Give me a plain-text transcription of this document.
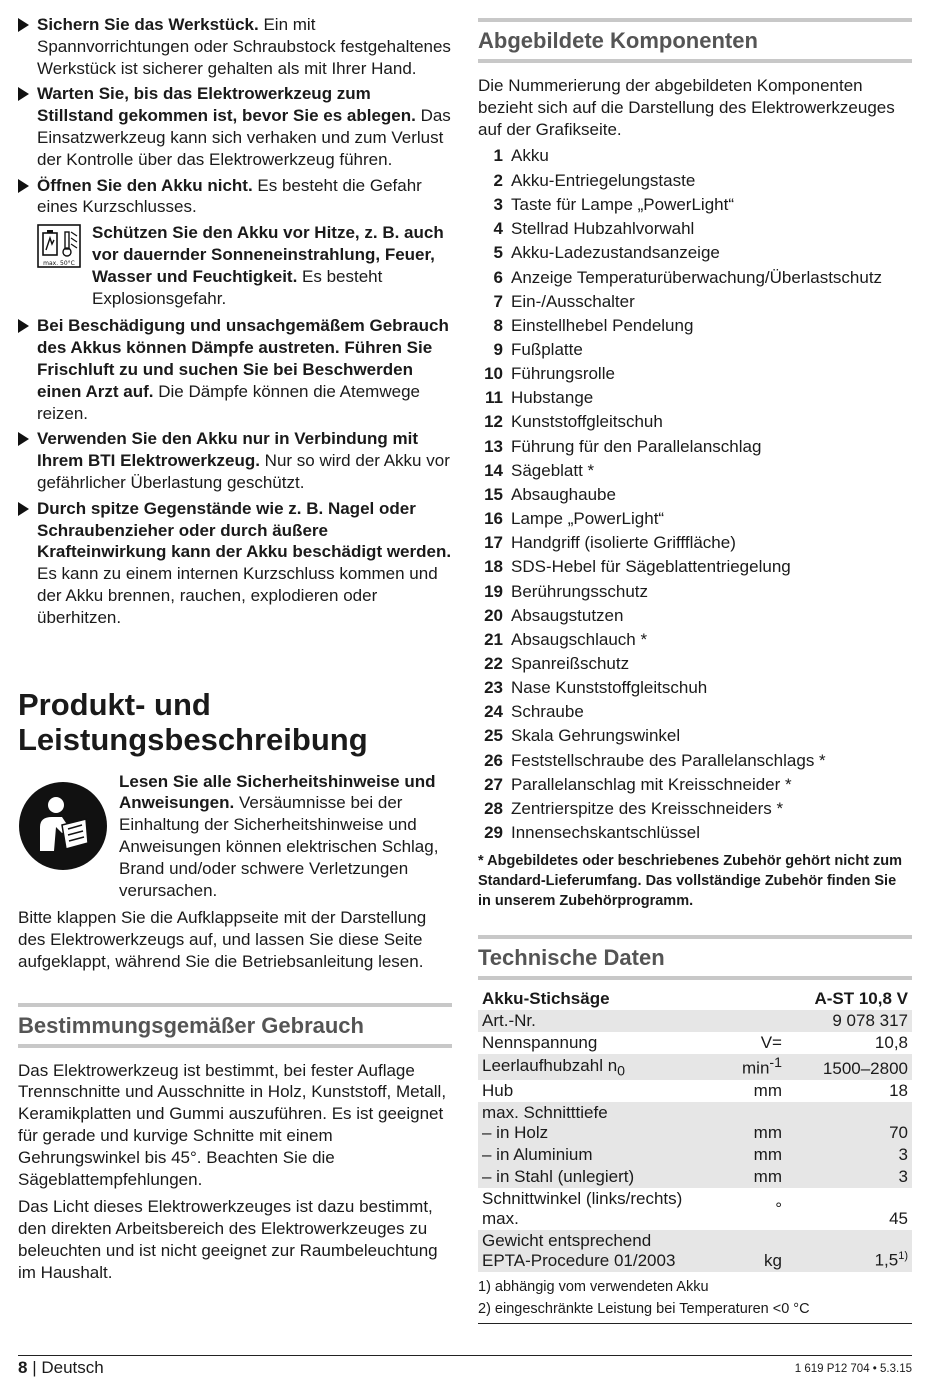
Sichern Sie das Werkstück. Ein mit Spannvorrichtungen oder Schraubstock festgehaltenes Werkstück ist sicherer gehalten als mit Ihrer Hand.
Warten Sie, bis das Elektrowerkzeug zum Stillstand gekommen ist, bevor Sie es ablegen. Das Einsatzwerkzeug kann sich verhaken und zum Verlust der Kontrolle über das Elektrowerkzeug führen.
Öffnen Sie den Akku nicht. Es besteht die Gefahr eines Kurzschlusses.
max. 50°C
Schützen Sie den Akku vor Hitze, z. B. auch vor dauernder Sonneneinstrahlung, Feuer, Wasser und Feuchtigkeit. Es besteht Explosionsgefahr.
Bei Beschädigung und unsachgemäßem Gebrauch des Akkus können Dämpfe austreten. Führen Sie Frischluft zu und suchen Sie bei Beschwerden einen Arzt auf. Die Dämpfe können die Atemwege reizen.
Verwenden Sie den Akku nur in Verbindung mit Ihrem BTI Elektrowerkzeug. Nur so wird der Akku vor gefährlicher Überlastung geschützt.
Durch spitze Gegenstände wie z. B. Nagel oder Schraubenzieher oder durch äußere Krafteinwirkung kann der Akku beschädigt werden. Es kann zu einem internen Kurzschluss kommen und der Akku brennen, rauchen, explodieren oder überhitzen.
Produkt- und Leistungsbeschreibung
Lesen Sie alle Sicherheitshinweise und Anweisungen. Versäumnisse bei der Einhaltung der Sicherheitshinweise und Anweisungen können elektrischen Schlag, Brand und/oder schwere Verletzungen verursachen.

Bitte klappen Sie die Aufklappseite mit der Darstellung des Elektrowerkzeugs auf, und lassen Sie diese Seite aufgeklappt, während Sie die Betriebsanleitung lesen.

Bestimmungsgemäßer Gebrauch

Das Elektrowerkzeug ist bestimmt, bei fester Auflage Trennschnitte und Ausschnitte in Holz, Kunststoff, Metall, Keramikplatten und Gummi auszuführen. Es ist geeignet für gerade und kurvige Schnitte mit einem Gehrungswinkel bis 45°. Beachten Sie die Sägeblattempfehlungen.

Das Licht dieses Elektrowerkzeuges ist dazu bestimmt, den direkten Arbeitsbereich des Elektrowerkzeuges zu beleuchten und ist nicht geeignet zur Raumbeleuchtung im Haushalt.

Abgebildete Komponenten

Die Nummerierung der abgebildeten Komponenten bezieht sich auf die Darstellung des Elektrowerkzeuges auf der Grafikseite.

1 Akku
2 Akku-Entriegelungstaste
3 Taste für Lampe „PowerLight“
4 Stellrad Hubzahlvorwahl
5 Akku-Ladezustandsanzeige
6 Anzeige Temperaturüberwachung/Überlastschutz
7 Ein-/Ausschalter
8 Einstellhebel Pendelung
9 Fußplatte
10 Führungsrolle
11 Hubstange
12 Kunststoffgleitschuh
13 Führung für den Parallelanschlag
14 Sägeblatt *
15 Absaughaube
16 Lampe „PowerLight“
17 Handgriff (isolierte Grifffläche)
18 SDS-Hebel für Sägeblattentriegelung
19 Berührungsschutz
20 Absaugstutzen
21 Absaugschlauch *
22 Spanreißschutz
23 Nase Kunststoffgleitschuh
24 Schraube
25 Skala Gehrungswinkel
26 Feststellschraube des Parallelanschlags *
27 Parallelanschlag mit Kreisschneider *
28 Zentrierspitze des Kreisschneiders *
29 Innensechskantschlüssel

* Abgebildetes oder beschriebenes Zubehör gehört nicht zum Standard-Lieferumfang. Das vollständige Zubehör finden Sie in unserem Zubehörprogramm.

Technische Daten
Akku-Stichsäge		A-ST 10,8 V
Art.-Nr.		9 078 317
Nennspannung	V=	10,8
Leerlaufhubzahl $n_0$	$\min^{-1}$	1500–2800
Hub	mm	18

max. Schnitttiefe
– in Holz	mm	70
– in Aluminium	mm	3
– in Stahl (unlegiert)	mm	3

Schnittwinkel (links/rechts)
max.	°	45

Gewicht entsprechend
EPTA-Procedure 01/2003	kg	1,5$^{1)}$
1) abhängig vom verwendeten Akku
2) eingeschränkte Leistung bei Temperaturen <0 °C
8 | Deutsch	1 619 P12 704 • 5.3.15
